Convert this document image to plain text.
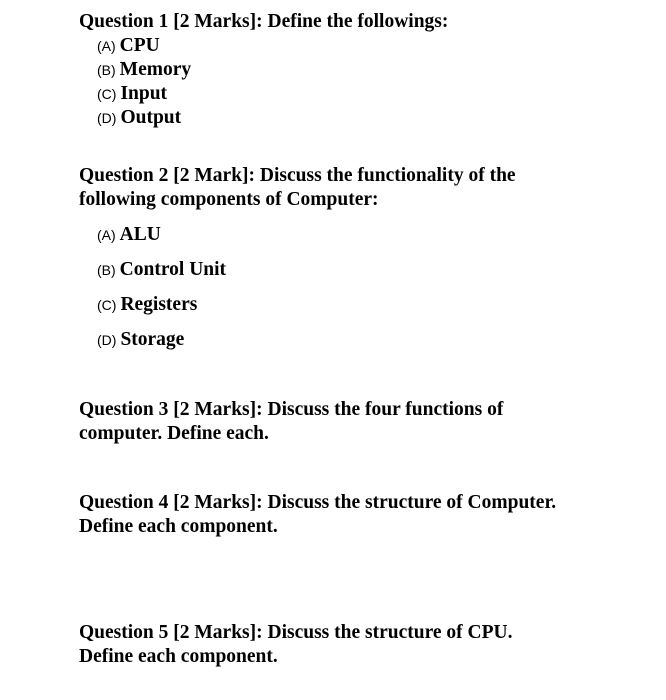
Question 1 [2 Marks]: Define the followings:
(A) CPU
(B) Memory
(C) Input
(D) Output
Question 2 [2 Mark]: Discuss the functionality of the
following components of Computer:
(A) ALU
(B) Control Unit
(C) Registers
(D) Storage
Question 3 [2 Marks]: Discuss the four functions of
computer. Define each.
Question 4 [2 Marks]: Discuss the structure of Computer.
Define each component.
Question 5 [2 Marks]: Discuss the structure of CPU.
Define each component.
